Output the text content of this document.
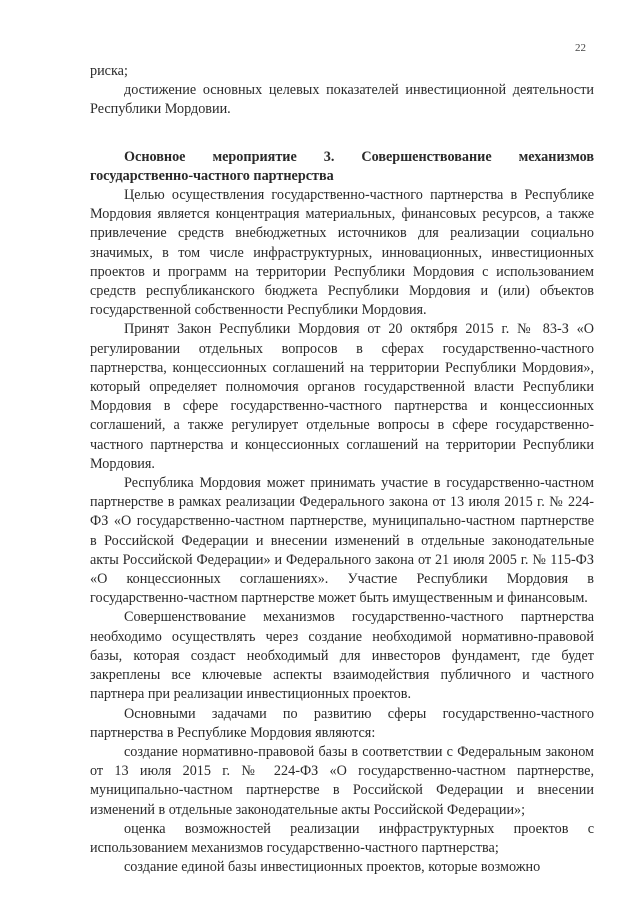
22

риска;

достижение основных целевых показателей инвестиционной деятельности Республики Мордовии.

Основное мероприятие 3. Совершенствование механизмов государственно-частного партнерства

Целью осуществления государственно-частного партнерства в Республике Мордовия является концентрация материальных, финансовых ресурсов, а также привлечение средств внебюджетных источников для реализации социально значимых, в том числе инфраструктурных, инновационных, инвестиционных проектов и программ на территории Республики Мордовия с использованием средств республиканского бюджета Республики Мордовия и (или) объектов государственной собственности Республики Мордовия.

Принят Закон Республики Мордовия от 20 октября 2015 г. № 83-З «О регулировании отдельных вопросов в сферах государственно-частного партнерства, концессионных соглашений на территории Республики Мордовия», который определяет полномочия органов государственной власти Республики Мордовия в сфере государственно-частного партнерства и концессионных соглашений, а также регулирует отдельные вопросы в сфере государственно-частного партнерства и концессионных соглашений на территории Республики Мордовия.

Республика Мордовия может принимать участие в государственно-частном партнерстве в рамках реализации Федерального закона от 13 июля 2015 г. № 224-ФЗ «О государственно-частном партнерстве, муниципально-частном партнерстве в Российской Федерации и внесении изменений в отдельные законодательные акты Российской Федерации» и Федерального закона от 21 июля 2005 г. № 115-ФЗ «О концессионных соглашениях». Участие Республики Мордовия в государственно-частном партнерстве может быть имущественным и финансовым.

Совершенствование механизмов государственно-частного партнерства необходимо осуществлять через создание необходимой нормативно-правовой базы, которая создаст необходимый для инвесторов фундамент, где будет закреплены все ключевые аспекты взаимодействия публичного и частного партнера при реализации инвестиционных проектов.

Основными задачами по развитию сферы государственно-частного партнерства в Республике Мордовия являются:

создание нормативно-правовой базы в соответствии с Федеральным законом от 13 июля 2015 г. № 224-ФЗ «О государственно-частном партнерстве, муниципально-частном партнерстве в Российской Федерации и внесении изменений в отдельные законодательные акты Российской Федерации»;

оценка возможностей реализации инфраструктурных проектов с использованием механизмов государственно-частного партнерства;

создание единой базы инвестиционных проектов, которые возможно
